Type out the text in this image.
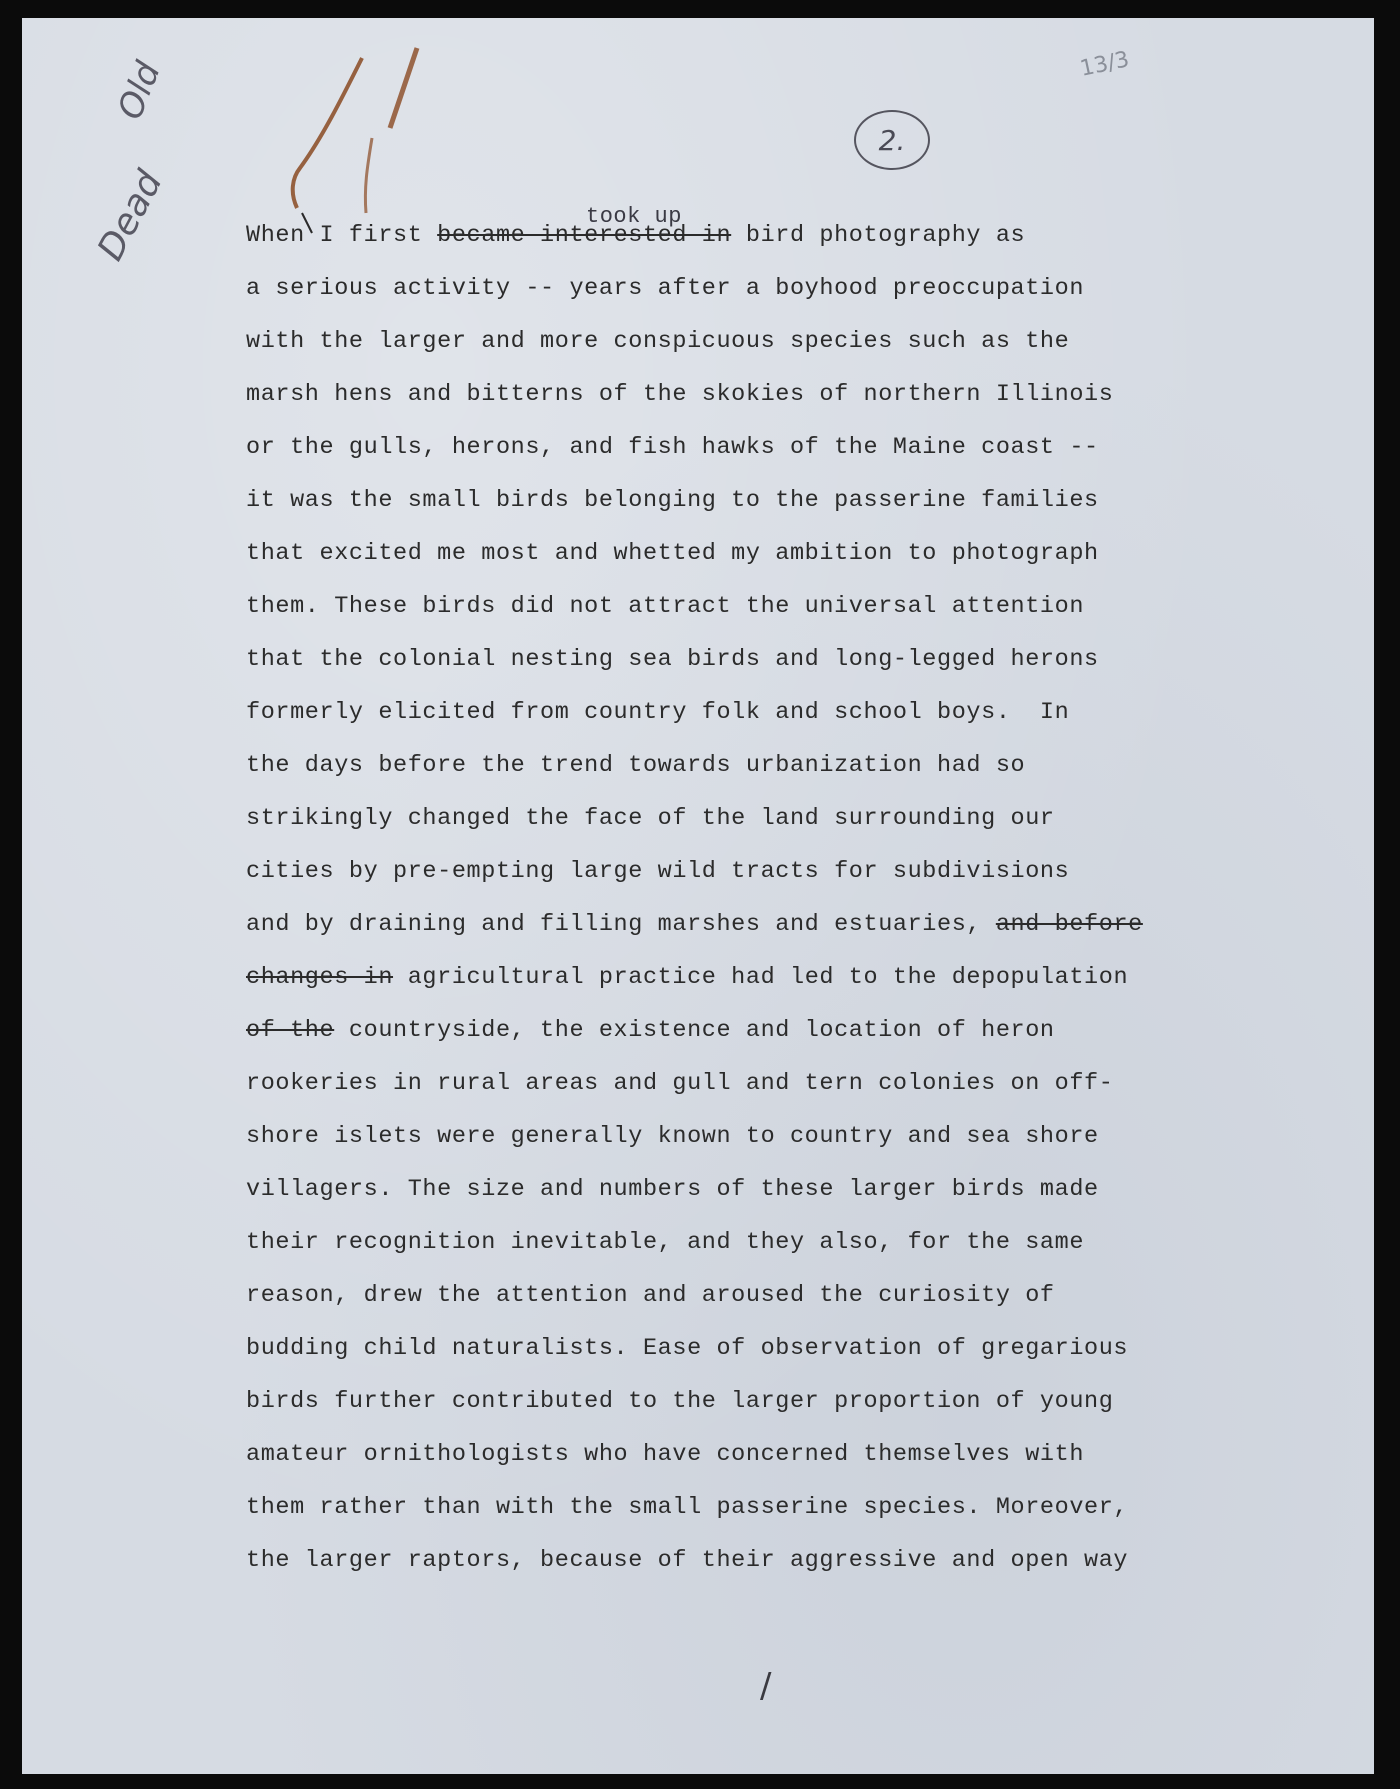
Old
Dead
2.
13/3
took up
When I first became interested in bird photography as
a serious activity -- years after a boyhood preoccupation
with the larger and more conspicuous species such as the
marsh hens and bitterns of the skokies of northern Illinois
or the gulls, herons, and fish hawks of the Maine coast --
it was the small birds belonging to the passerine families
that excited me most and whetted my ambition to photograph
them. These birds did not attract the universal attention
that the colonial nesting sea birds and long-legged herons
formerly elicited from country folk and school boys.  In
the days before the trend towards urbanization had so
strikingly changed the face of the land surrounding our
cities by pre-empting large wild tracts for subdivisions
and by draining and filling marshes and estuaries, and before
changes in agricultural practice had led to the depopulation
of the countryside, the existence and location of heron
rookeries in rural areas and gull and tern colonies on off-
shore islets were generally known to country and sea shore
villagers. The size and numbers of these larger birds made
their recognition inevitable, and they also, for the same
reason, drew the attention and aroused the curiosity of
budding child naturalists. Ease of observation of gregarious
birds further contributed to the larger proportion of young
amateur ornithologists who have concerned themselves with
them rather than with the small passerine species. Moreover,
the larger raptors, because of their aggressive and open way
/
